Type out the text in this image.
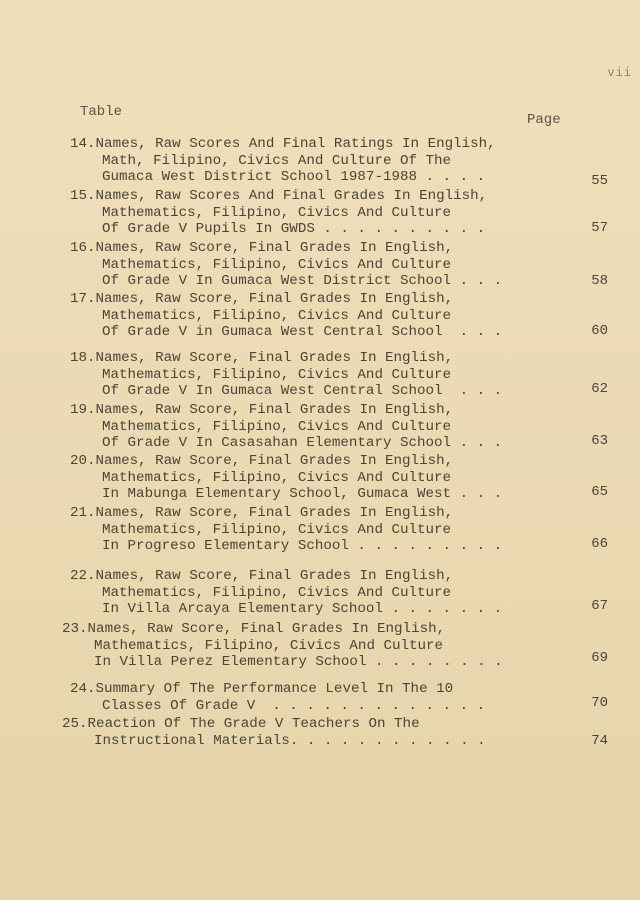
vii
Table	Page
14.Names, Raw Scores And Final Ratings In English,
Math, Filipino, Civics And Culture Of The
Gumaca West District School 1987-1988 . . . .	55
15.Names, Raw Scores And Final Grades In English,
Mathematics, Filipino, Civics And Culture
Of Grade V Pupils In GWDS . . . . . . . . . .	57
16.Names, Raw Score, Final Grades In English,
Mathematics, Filipino, Civics And Culture
Of Grade V In Gumaca West District School . . .	58
17.Names, Raw Score, Final Grades In English,
Mathematics, Filipino, Civics And Culture
Of Grade V in Gumaca West Central School  . . .	60
18.Names, Raw Score, Final Grades In English,
Mathematics, Filipino, Civics And Culture
Of Grade V In Gumaca West Central School  . . .	62
19.Names, Raw Score, Final Grades In English,
Mathematics, Filipino, Civics And Culture
Of Grade V In Casasahan Elementary School . . .	63
20.Names, Raw Score, Final Grades In English,
Mathematics, Filipino, Civics And Culture
In Mabunga Elementary School, Gumaca West . . .	65
21.Names, Raw Score, Final Grades In English,
Mathematics, Filipino, Civics And Culture
In Progreso Elementary School . . . . . . . . .	66
22.Names, Raw Score, Final Grades In English,
Mathematics, Filipino, Civics And Culture
In Villa Arcaya Elementary School . . . . . . .	67
23.Names, Raw Score, Final Grades In English,
Mathematics, Filipino, Civics And Culture
In Villa Perez Elementary School . . . . . . . .	69
24.Summary Of The Performance Level In The 10
Classes Of Grade V  . . . . . . . . . . . . .	70
25.Reaction Of The Grade V Teachers On The
Instructional Materials. . . . . . . . . . . .	74
